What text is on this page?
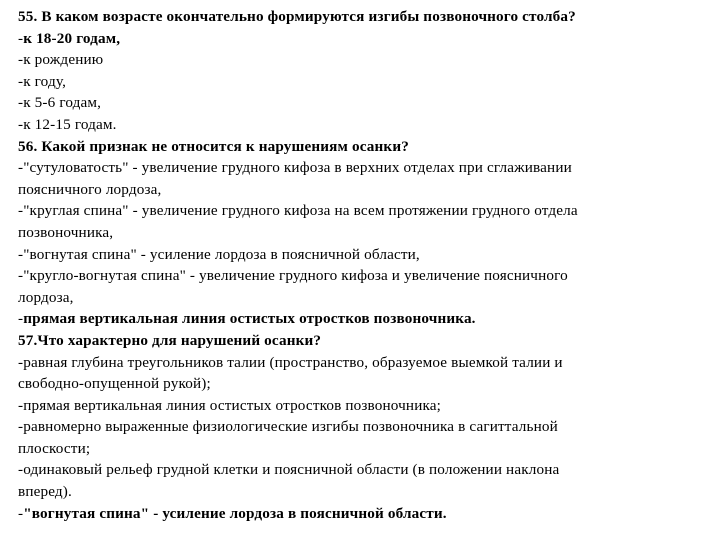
55. В каком возрасте окончательно формируются изгибы позвоночного столба?
-к 18-20 годам,
-к рождению
-к году,
-к 5-6 годам,
-к 12-15 годам.
56. Какой признак не относится к нарушениям осанки?
-"сутуловатость" - увеличение грудного кифоза в верхних отделах при сглаживании
поясничного лордоза,
-"круглая спина" - увеличение грудного кифоза на всем протяжении грудного отдела
позвоночника,
-"вогнутая спина" - усиление лордоза в поясничной области,
-"кругло-вогнутая спина" - увеличение грудного кифоза и увеличение поясничного
лордоза,
-прямая вертикальная линия остистых отростков позвоночника.
57.Что характерно для нарушений осанки?
-равная глубина треугольников талии (пространство, образуемое выемкой талии и
свободно-опущенной рукой);
-прямая вертикальная линия остистых отростков позвоночника;
-равномерно выраженные физиологические изгибы позвоночника в сагиттальной
плоскости;
-одинаковый рельеф грудной клетки и поясничной области (в положении наклона
вперед).
-"вогнутая спина" - усиление лордоза в поясничной области.
